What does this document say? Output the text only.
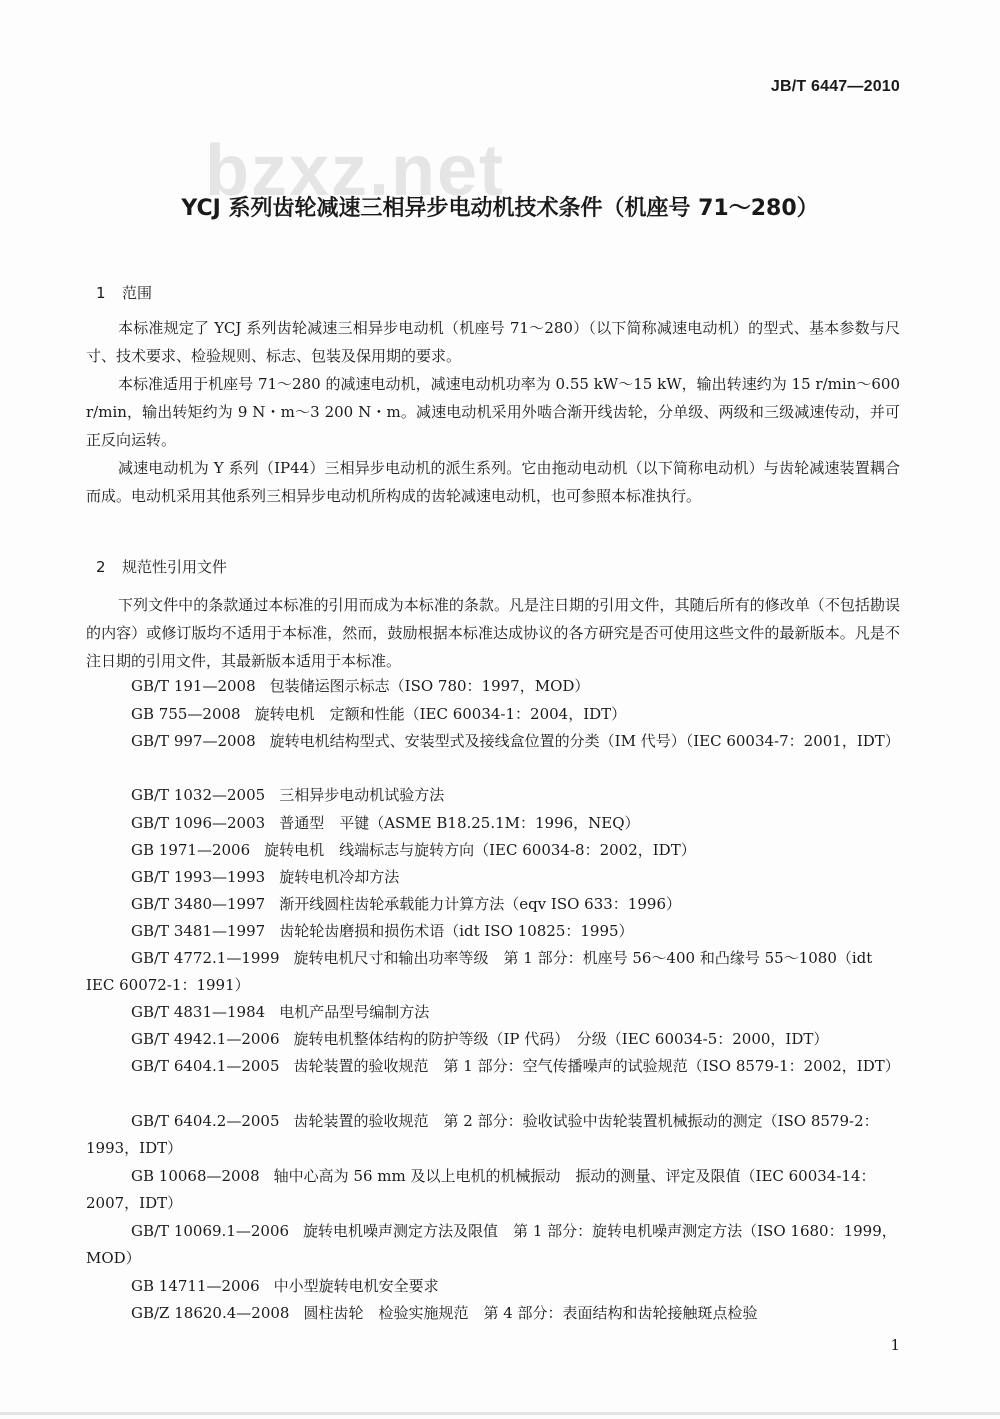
JB/T 6447—2010
bzxz.net
YCJ 系列齿轮减速三相异步电动机技术条件（机座号 71～280）
1 范围
本标准规定了 YCJ 系列齿轮减速三相异步电动机（机座号 71～280）（以下简称减速电动机）的型式、基本参数与尺寸、技术要求、检验规则、标志、包装及保用期的要求。
本标准适用于机座号 71～280 的减速电动机，减速电动机功率为 0.55 kW～15 kW，输出转速约为 15 r/min～600 r/min，输出转矩约为 9 N・m～3 200 N・m。减速电动机采用外啮合渐开线齿轮，分单级、两级和三级减速传动，并可正反向运转。
减速电动机为 Y 系列（IP44）三相异步电动机的派生系列。它由拖动电动机（以下简称电动机）与齿轮减速装置耦合而成。电动机采用其他系列三相异步电动机所构成的齿轮减速电动机，也可参照本标准执行。
2 规范性引用文件
下列文件中的条款通过本标准的引用而成为本标准的条款。凡是注日期的引用文件，其随后所有的修改单（不包括勘误的内容）或修订版均不适用于本标准，然而，鼓励根据本标准达成协议的各方研究是否可使用这些文件的最新版本。凡是不注日期的引用文件，其最新版本适用于本标准。
GB/T 191—2008 包装储运图示标志（ISO 780：1997，MOD）
GB 755—2008 旋转电机　定额和性能（IEC 60034-1：2004，IDT）
GB/T 997—2008 旋转电机结构型式、安装型式及接线盒位置的分类（IM 代号）（IEC 60034-7：2001，IDT）
GB/T 1032—2005 三相异步电动机试验方法
GB/T 1096—2003 普通型　平键（ASME B18.25.1M：1996，NEQ）
GB 1971—2006 旋转电机　线端标志与旋转方向（IEC 60034-8：2002，IDT）
GB/T 1993—1993 旋转电机冷却方法
GB/T 3480—1997 渐开线圆柱齿轮承载能力计算方法（eqv ISO 633：1996）
GB/T 3481—1997 齿轮轮齿磨损和损伤术语（idt ISO 10825：1995）
GB/T 4772.1—1999 旋转电机尺寸和输出功率等级　第 1 部分：机座号 56～400 和凸缘号 55～1080（idt IEC 60072-1：1991）
GB/T 4831—1984 电机产品型号编制方法
GB/T 4942.1—2006 旋转电机整体结构的防护等级（IP 代码）　分级（IEC 60034-5：2000，IDT）
GB/T 6404.1—2005 齿轮装置的验收规范　第 1 部分：空气传播噪声的试验规范（ISO 8579-1：2002，IDT）
GB/T 6404.2—2005 齿轮装置的验收规范　第 2 部分：验收试验中齿轮装置机械振动的测定（ISO 8579-2：1993，IDT）
GB 10068—2008 轴中心高为 56 mm 及以上电机的机械振动　振动的测量、评定及限值（IEC 60034-14：2007，IDT）
GB/T 10069.1—2006 旋转电机噪声测定方法及限值　第 1 部分：旋转电机噪声测定方法（ISO 1680：1999，MOD）
GB 14711—2006 中小型旋转电机安全要求
GB/Z 18620.4—2008 圆柱齿轮　检验实施规范　第 4 部分：表面结构和齿轮接触斑点检验
1
